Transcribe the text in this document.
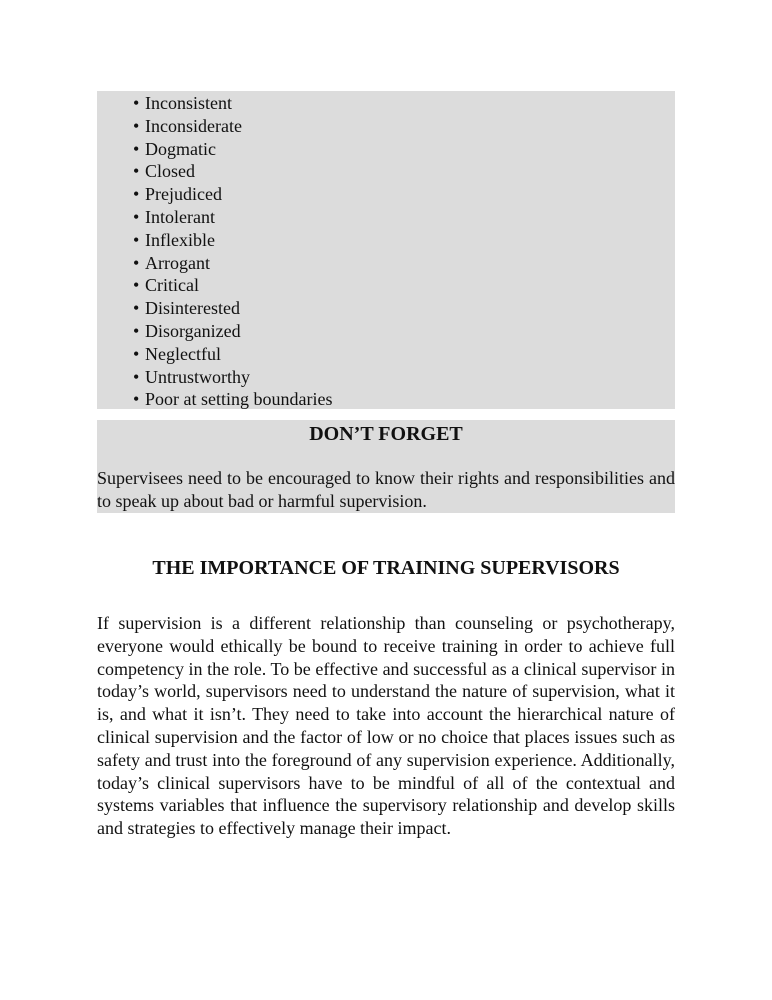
• Inconsistent
• Inconsiderate
• Dogmatic
• Closed
• Prejudiced
• Intolerant
• Inflexible
• Arrogant
• Critical
• Disinterested
• Disorganized
• Neglectful
• Untrustworthy
• Poor at setting boundaries
DON’T FORGET

Supervisees need to be encouraged to know their rights and responsibilities and to speak up about bad or harmful supervision.

THE IMPORTANCE OF TRAINING SUPERVISORS

If supervision is a different relationship than counseling or psychotherapy, everyone would ethically be bound to receive training in order to achieve full competency in the role. To be effective and successful as a clinical supervisor in today’s world, supervisors need to understand the nature of supervision, what it is, and what it isn’t. They need to take into account the hierarchical nature of clinical supervision and the factor of low or no choice that places issues such as safety and trust into the foreground of any supervision experience. Additionally, today’s clinical supervisors have to be mindful of all of the contextual and systems variables that influence the supervisory relationship and develop skills and strategies to effectively manage their impact.
